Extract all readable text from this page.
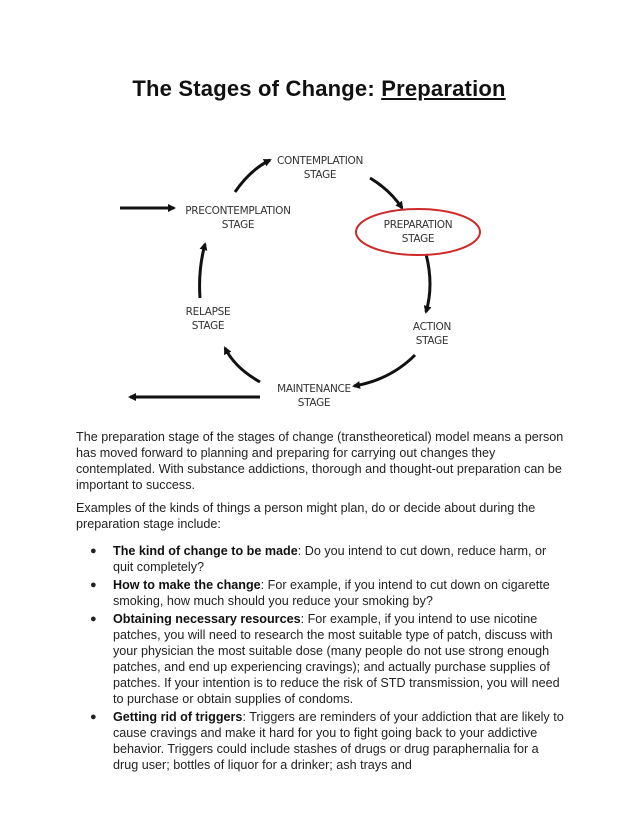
The Stages of Change: Preparation
CONTEMPLATION
STAGE
PRECONTEMPLATION
STAGE	PREPARATION
STAGE
RELAPSE
STAGE	ACTION
STAGE
MAINTENANCE
STAGE
The preparation stage of the stages of change (transtheoretical) model means a person has moved forward to planning and preparing for carrying out changes they contemplated. With substance addictions, thorough and thought-out preparation can be important to success.
Examples of the kinds of things a person might plan, do or decide about during the preparation stage include:
● The kind of change to be made: Do you intend to cut down, reduce harm, or quit completely?
● How to make the change: For example, if you intend to cut down on cigarette smoking, how much should you reduce your smoking by?
● Obtaining necessary resources: For example, if you intend to use nicotine patches, you will need to research the most suitable type of patch, discuss with your physician the most suitable dose (many people do not use strong enough patches, and end up experiencing cravings); and actually purchase supplies of patches. If your intention is to reduce the risk of STD transmission, you will need to purchase or obtain supplies of condoms.
● Getting rid of triggers: Triggers are reminders of your addiction that are likely to cause cravings and make it hard for you to fight going back to your addictive behavior. Triggers could include stashes of drugs or drug paraphernalia for a drug user; bottles of liquor for a drinker; ash trays and
